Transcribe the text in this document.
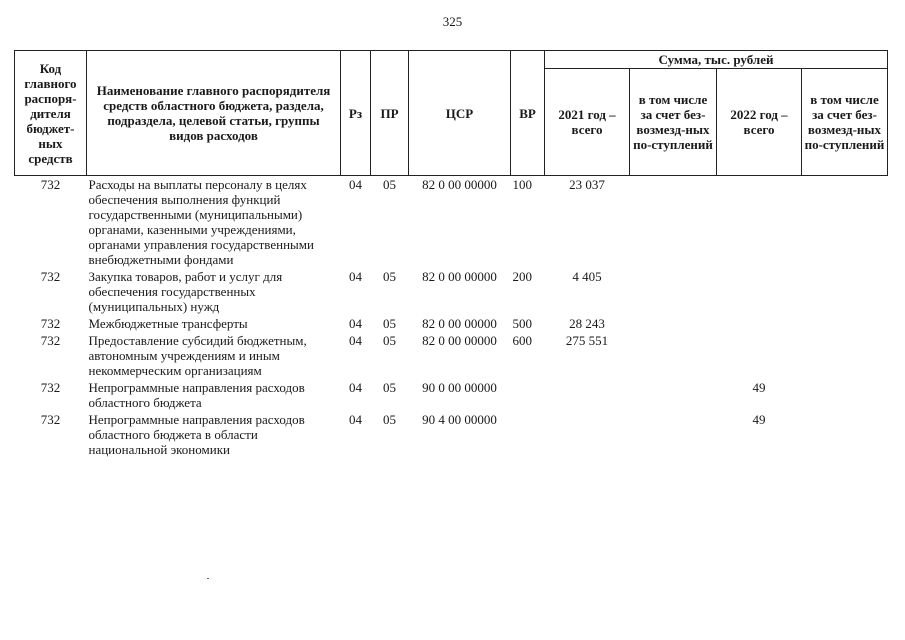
325
Код главного распоря-дителя бюджет-ных средств	Наименование главного распорядителя средств областного бюджета, раздела, подраздела, целевой статьи, группы видов расходов	Рз	ПР	ЦСР	ВР	Сумма, тыс. рублей			
						2021 год – всего	в том числе за счет без-возмезд-ных по-ступлений	2022 год – всего	в том числе за счет без-возмезд-ных по-ступлений
732	Расходы на выплаты персоналу в целях обеспечения выполнения функций государственными (муниципальными) органами, казенными учреждениями, органами управления государственными внебюджетными фондами	04	05	82 0 00 00000	100	23 037			
732	Закупка товаров, работ и услуг для обеспечения государственных (муниципальных) нужд	04	05	82 0 00 00000	200	4 405			
732	Межбюджетные трансферты	04	05	82 0 00 00000	500	28 243			
732	Предоставление субсидий бюджетным, автономным учреждениям и иным некоммерческим организациям	04	05	82 0 00 00000	600	275 551			
732	Непрограммные направления расходов областного бюджета	04	05	90 0 00 00000				49	
732	Непрограммные направления расходов областного бюджета в области национальной экономики	04	05	90 4 00 00000				49	
